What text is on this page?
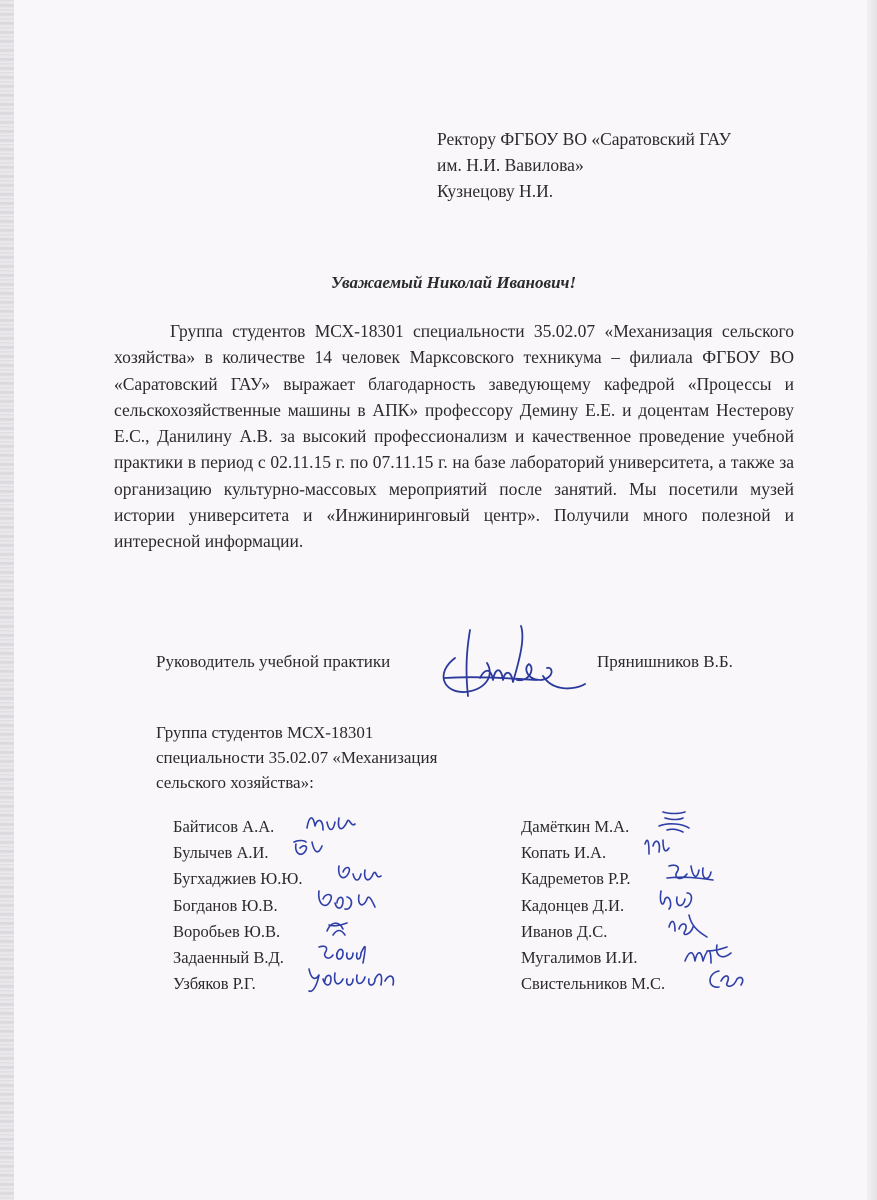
Ректору ФГБОУ ВО «Саратовский ГАУ
им. Н.И. Вавилова»
Кузнецову Н.И.
Уважаемый Николай Иванович!

Группа студентов МСХ-18301 специальности 35.02.07 «Механизация сельского хозяйства» в количестве 14 человек Марксовского техникума – филиала ФГБОУ ВО «Саратовский ГАУ» выражает благодарность заведующему кафедрой «Процессы и сельскохозяйственные машины в АПК» профессору Демину Е.Е. и доцентам Нестерову Е.С., Данилину А.В. за высокий профессионализм и качественное проведение учебной практики в период с 02.11.15 г. по 07.11.15 г. на базе лабораторий университета, а также за организацию культурно-массовых мероприятий после занятий. Мы посетили музей истории университета и «Инжиниринговый центр». Получили много полезной и интересной информации.

Руководитель учебной практики	Прянишников В.Б.
Группа студентов МСХ-18301
специальности 35.02.07 «Механизация
сельского хозяйства»:
Байтисов А.А.
Булычев А.И.
Бугхаджиев Ю.Ю.
Богданов Ю.В.
Воробьев Ю.В.
Задаенный В.Д.
Узбяков Р.Г.
Дамёткин М.А.
Копать И.А.
Кадреметов Р.Р.
Кадонцев Д.И.
Иванов Д.С.
Мугалимов И.И.
Свистельников М.С.
